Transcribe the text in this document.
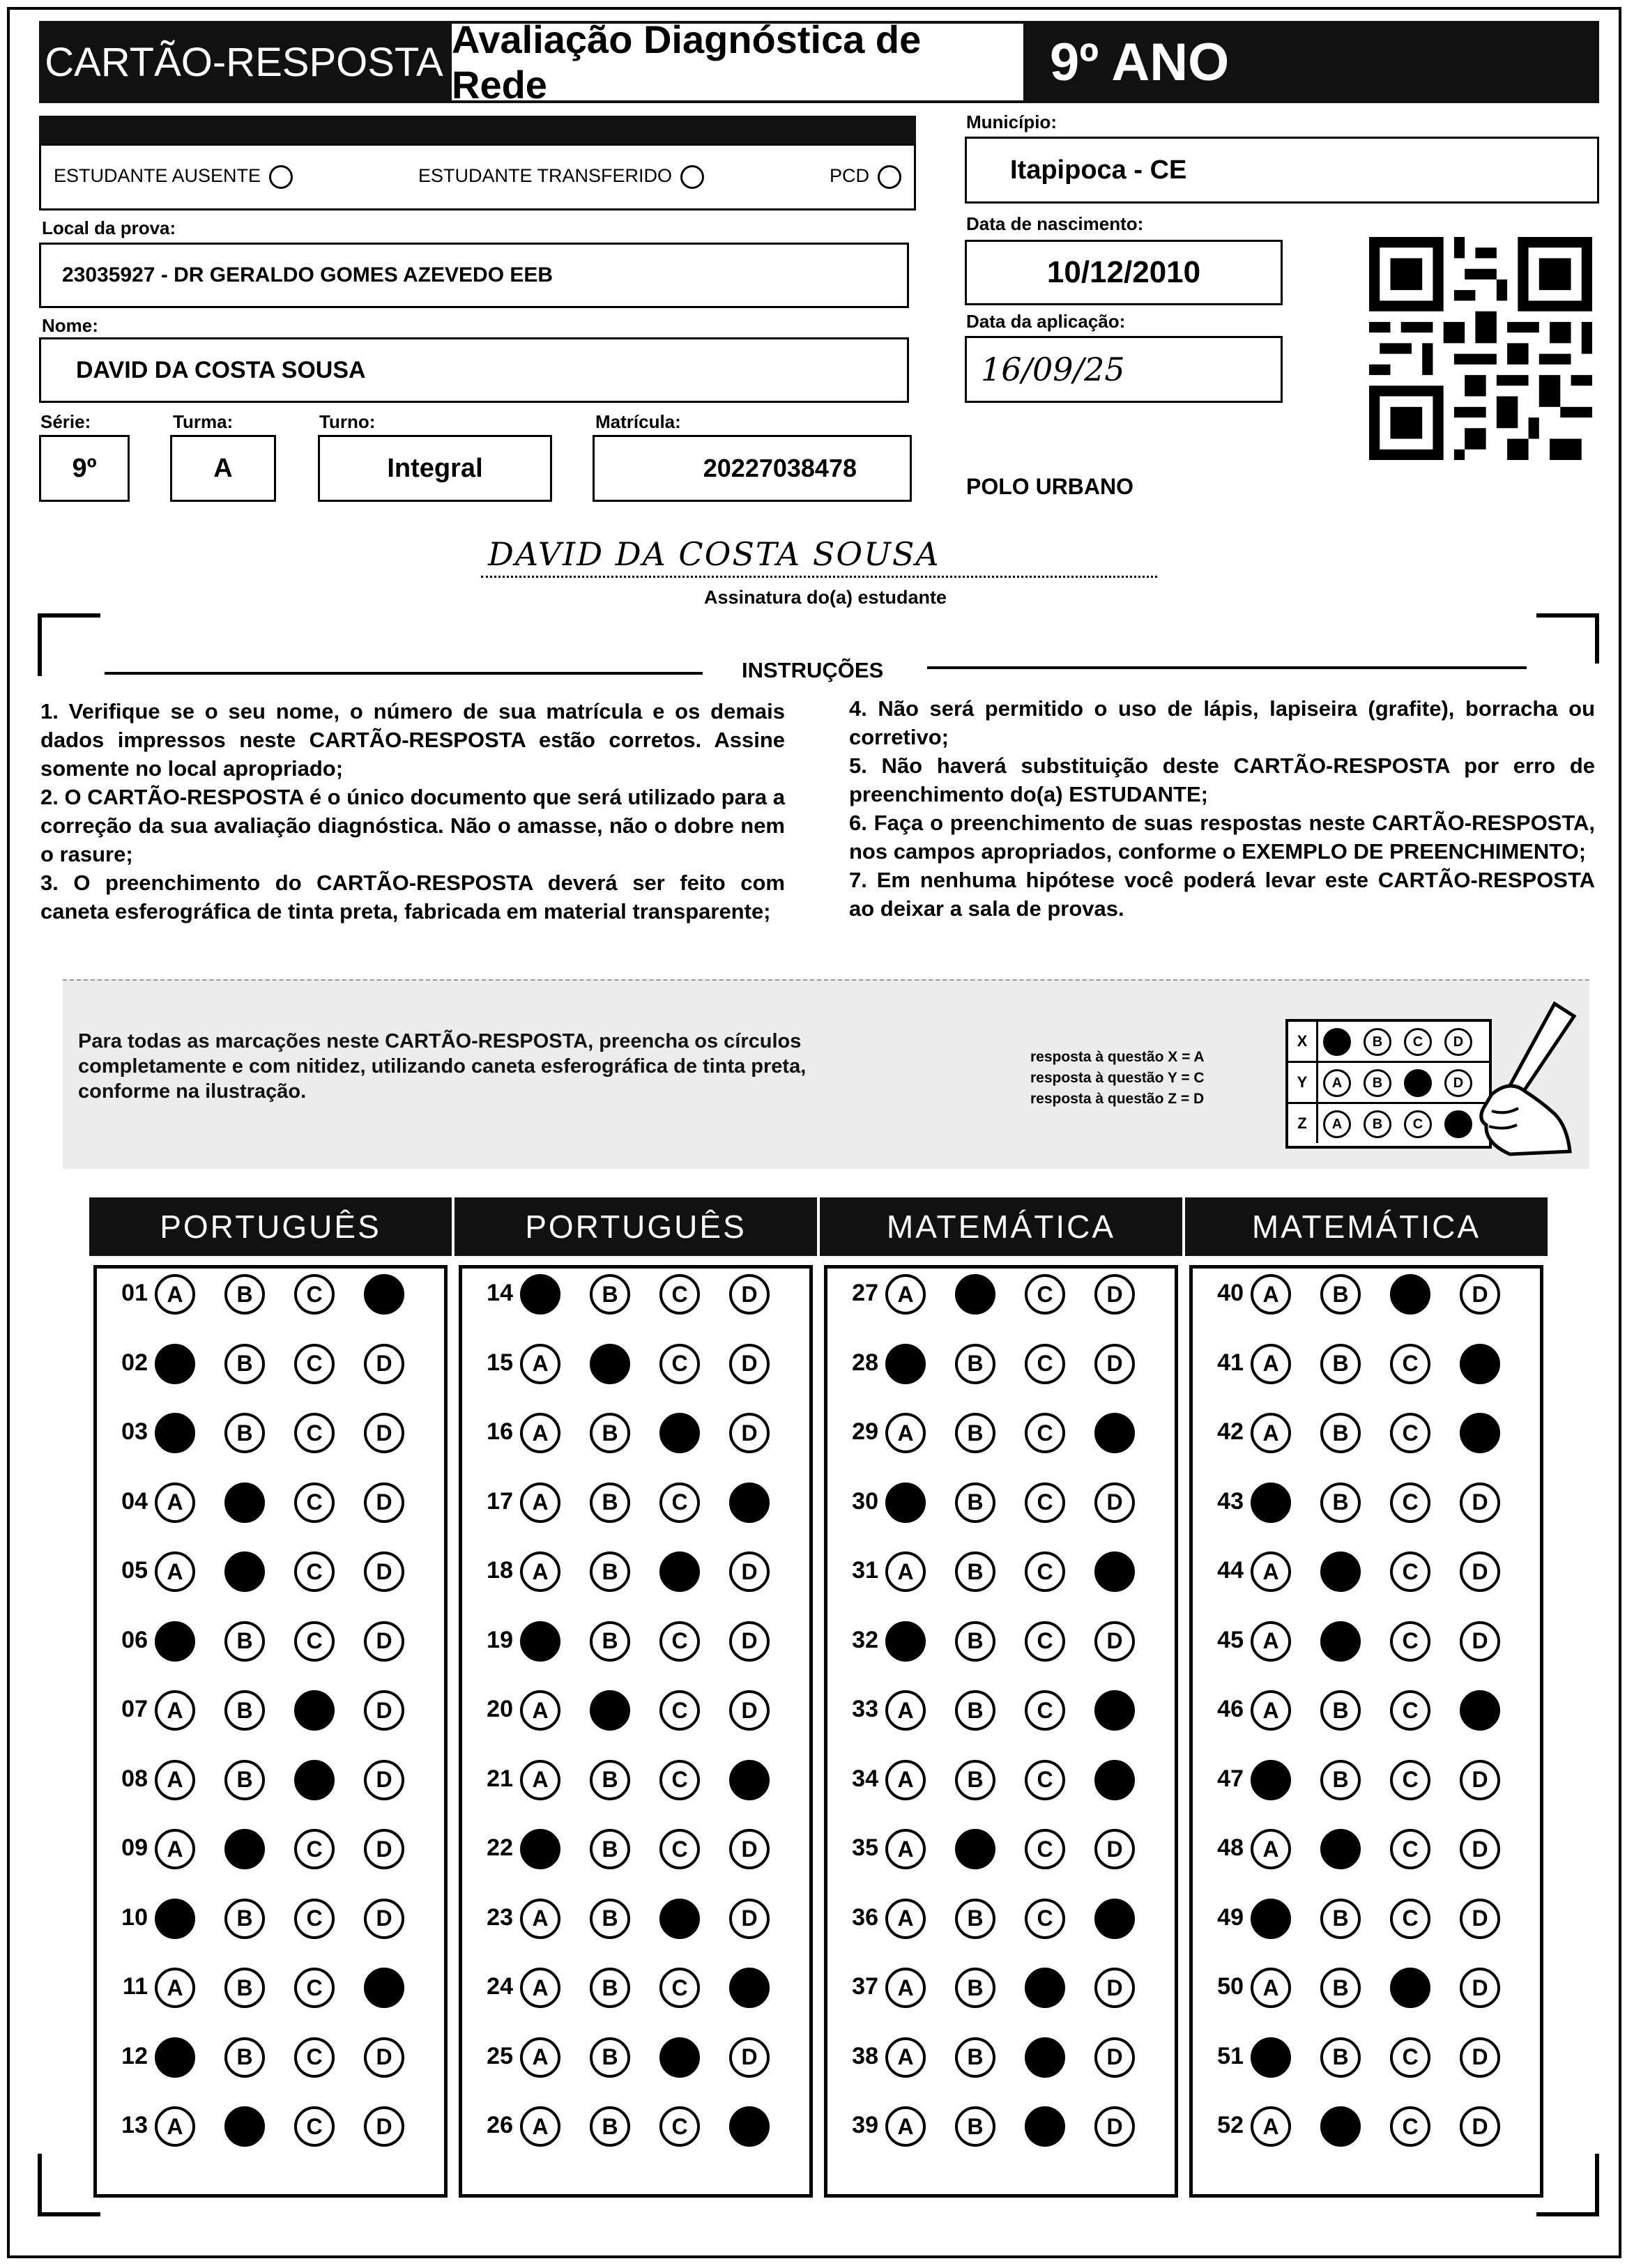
CARTÃO-RESPOSTA Avaliação Diagnóstica de Rede	9º ANO
ESTUDANTE AUSENTE	ESTUDANTE TRANSFERIDO	PCD
Município:
Itapipoca - CE
Local da prova:
23035927 - DR GERALDO GOMES AZEVEDO EEB
Data de nascimento:
10/12/2010
Nome:
DAVID DA COSTA SOUSA
Data da aplicação:
16/09/25
Série:
9º
Turma:
A
Turno:
Integral
Matrícula:
20227038478
POLO URBANO
DAVID DA COSTA SOUSA
Assinatura do(a) estudante
INSTRUÇÕES

1. Verifique se o seu nome, o número de sua matrícula e os demais dados impressos neste CARTÃO-RESPOSTA estão corretos. Assine somente no local apropriado;

2. O CARTÃO-RESPOSTA é o único documento que será utilizado para a correção da sua avaliação diagnóstica. Não o amasse, não o dobre nem o rasure;

3. O preenchimento do CARTÃO-RESPOSTA deverá ser feito com caneta esferográfica de tinta preta, fabricada em material transparente;

4. Não será permitido o uso de lápis, lapiseira (grafite), borracha ou corretivo;

5. Não haverá substituição deste CARTÃO-RESPOSTA por erro de preenchimento do(a) ESTUDANTE;

6. Faça o preenchimento de suas respostas neste CARTÃO-RESPOSTA, nos campos apropriados, conforme o EXEMPLO DE PREENCHIMENTO;

7. Em nenhuma hipótese você poderá levar este CARTÃO-RESPOSTA ao deixar a sala de provas.

Para todas as marcações neste CARTÃO-RESPOSTA, preencha os círculos completamente e com nitidez, utilizando caneta esferográfica de tinta preta, conforme na ilustração.
resposta à questão X = A
resposta à questão Y = C
resposta à questão Z = D
X	A	B	C	D
Y	A	B	C	D
Z	A	B	C	D
PORTUGUÊS
01 A	B	C	D
02 A	B	C	D
03 A	B	C	D
04 A	B	C	D
05 A	B	C	D
06 A	B	C	D
07 A	B	C	D
08 A	B	C	D
09 A	B	C	D
10 A	B	C	D
11 A	B	C	D
12 A	B	C	D
13 A	B	C	D
PORTUGUÊS
14 A	B	C	D
15 A	B	C	D
16 A	B	C	D
17 A	B	C	D
18 A	B	C	D
19 A	B	C	D
20 A	B	C	D
21 A	B	C	D
22 A	B	C	D
23 A	B	C	D
24 A	B	C	D
25 A	B	C	D
26 A	B	C	D
MATEMÁTICA
27 A	B	C	D
28 A	B	C	D
29 A	B	C	D
30 A	B	C	D
31 A	B	C	D
32 A	B	C	D
33 A	B	C	D
34 A	B	C	D
35 A	B	C	D
36 A	B	C	D
37 A	B	C	D
38 A	B	C	D
39 A	B	C	D
MATEMÁTICA
40 A	B	C	D
41 A	B	C	D
42 A	B	C	D
43 A	B	C	D
44 A	B	C	D
45 A	B	C	D
46 A	B	C	D
47 A	B	C	D
48 A	B	C	D
49 A	B	C	D
50 A	B	C	D
51 A	B	C	D
52 A	B	C	D
